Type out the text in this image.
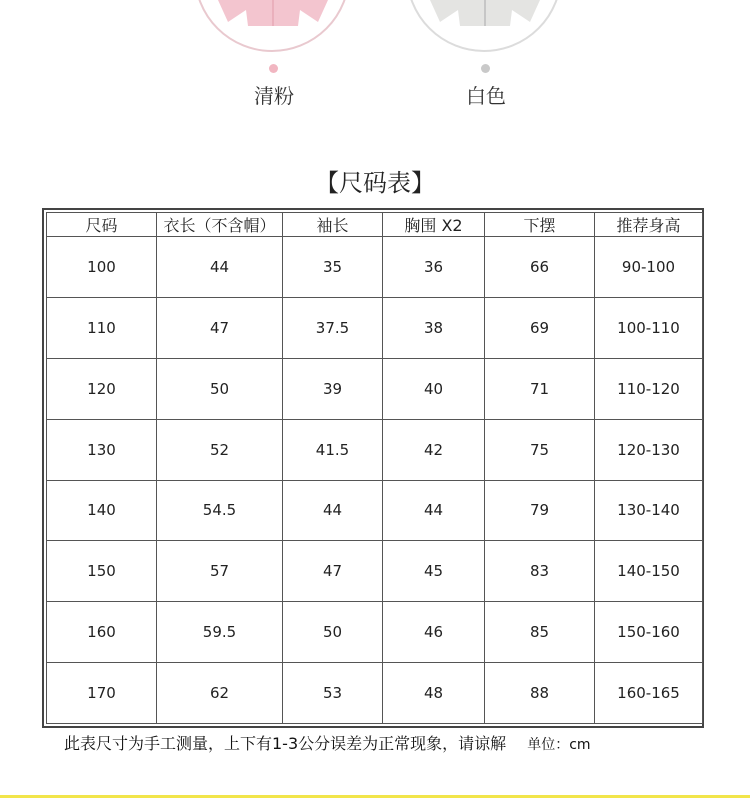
清粉	白色
【尺码表】
尺码	衣长（不含帽）	袖长	胸围 X2	下摆	推荐身高
100	44	35	36	66	90-100
110	47	37.5	38	69	100-110
120	50	39	40	71	110-120
130	52	41.5	42	75	120-130
140	54.5	44	44	79	130-140
150	57	47	45	83	140-150
160	59.5	50	46	85	150-160
170	62	53	48	88	160-165
此表尺寸为手工测量，上下有1-3公分误差为正常现象，请谅解 单位：cm
